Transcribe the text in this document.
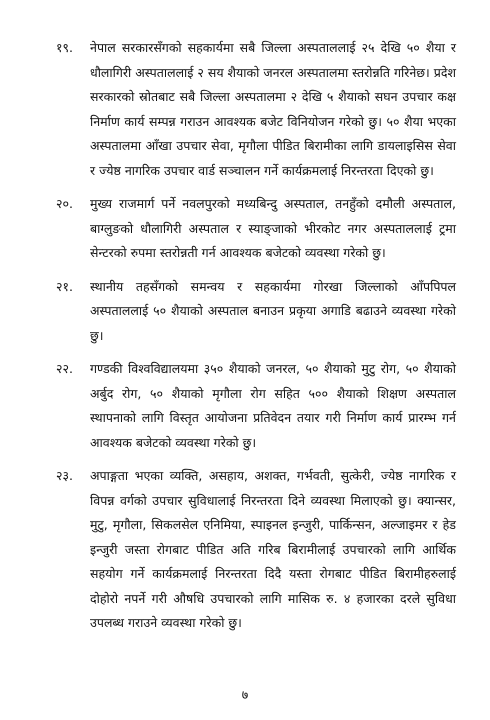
१९.	नेपाल सरकारसँगको सहकार्यमा सबै जिल्ला अस्पताललाई २५ देखि ५० शैया र धौलागिरी अस्पताललाई २ सय शैयाको जनरल अस्पतालमा स्तरोन्नति गरिनेछ। प्रदेश सरकारको स्रोतबाट सबै जिल्ला अस्पतालमा २ देखि ५ शैयाको सघन उपचार कक्ष निर्माण कार्य सम्पन्न गराउन आवश्यक बजेट विनियोजन गरेको छु। ५० शैया भएका अस्पतालमा आँखा उपचार सेवा, मृगौला पीडित बिरामीका लागि डायलाइसिस सेवा र ज्येष्ठ नागरिक उपचार वार्ड सञ्चालन गर्ने कार्यक्रमलाई निरन्तरता दिएको छु।
२०.	मुख्य राजमार्ग पर्ने नवलपुरको मध्यबिन्दु अस्पताल, तनहुँको दमौली अस्पताल, बाग्लुङको धौलागिरी अस्पताल र स्याङ्जाको भीरकोट नगर अस्पताललाई ट्रमा सेन्टरको रुपमा स्तरोन्नती गर्न आवश्यक बजेटको व्यवस्था गरेको छु।
२१.	स्थानीय तहसँगको समन्वय र सहकार्यमा गोरखा जिल्लाको आँपपिपल अस्पताललाई ५० शैयाको अस्पताल बनाउन प्रकृया अगाडि बढाउने व्यवस्था गरेको छु।
२२.	गण्डकी विश्वविद्यालयमा ३५० शैयाको जनरल, ५० शैयाको मुटु रोग, ५० शैयाको अर्बुद रोग, ५० शैयाको मृगौला रोग सहित ५०० शैयाको शिक्षण अस्पताल स्थापनाको लागि विस्तृत आयोजना प्रतिवेदन तयार गरी निर्माण कार्य प्रारम्भ गर्न आवश्यक बजेटको व्यवस्था गरेको छु।
२३.	अपाङ्गता भएका व्यक्ति, असहाय, अशक्त, गर्भवती, सुत्केरी, ज्येष्ठ नागरिक र विपन्न वर्गको उपचार सुविधालाई निरन्तरता दिने व्यवस्था मिलाएको छु। क्यान्सर, मुटु, मृगौला, सिकलसेल एनिमिया, स्पाइनल इन्जुरी, पार्किन्सन, अल्जाइमर र हेड इन्जुरी जस्ता रोगबाट पीडित अति गरिब बिरामीलाई उपचारको लागि आर्थिक सहयोग गर्ने कार्यक्रमलाई निरन्तरता दिदै यस्ता रोगबाट पीडित बिरामीहरुलाई दोहोरो नपर्ने गरी औषधि उपचारको लागि मासिक रु. ४ हजारका दरले सुविधा उपलब्ध गराउने व्यवस्था गरेको छु।
७
